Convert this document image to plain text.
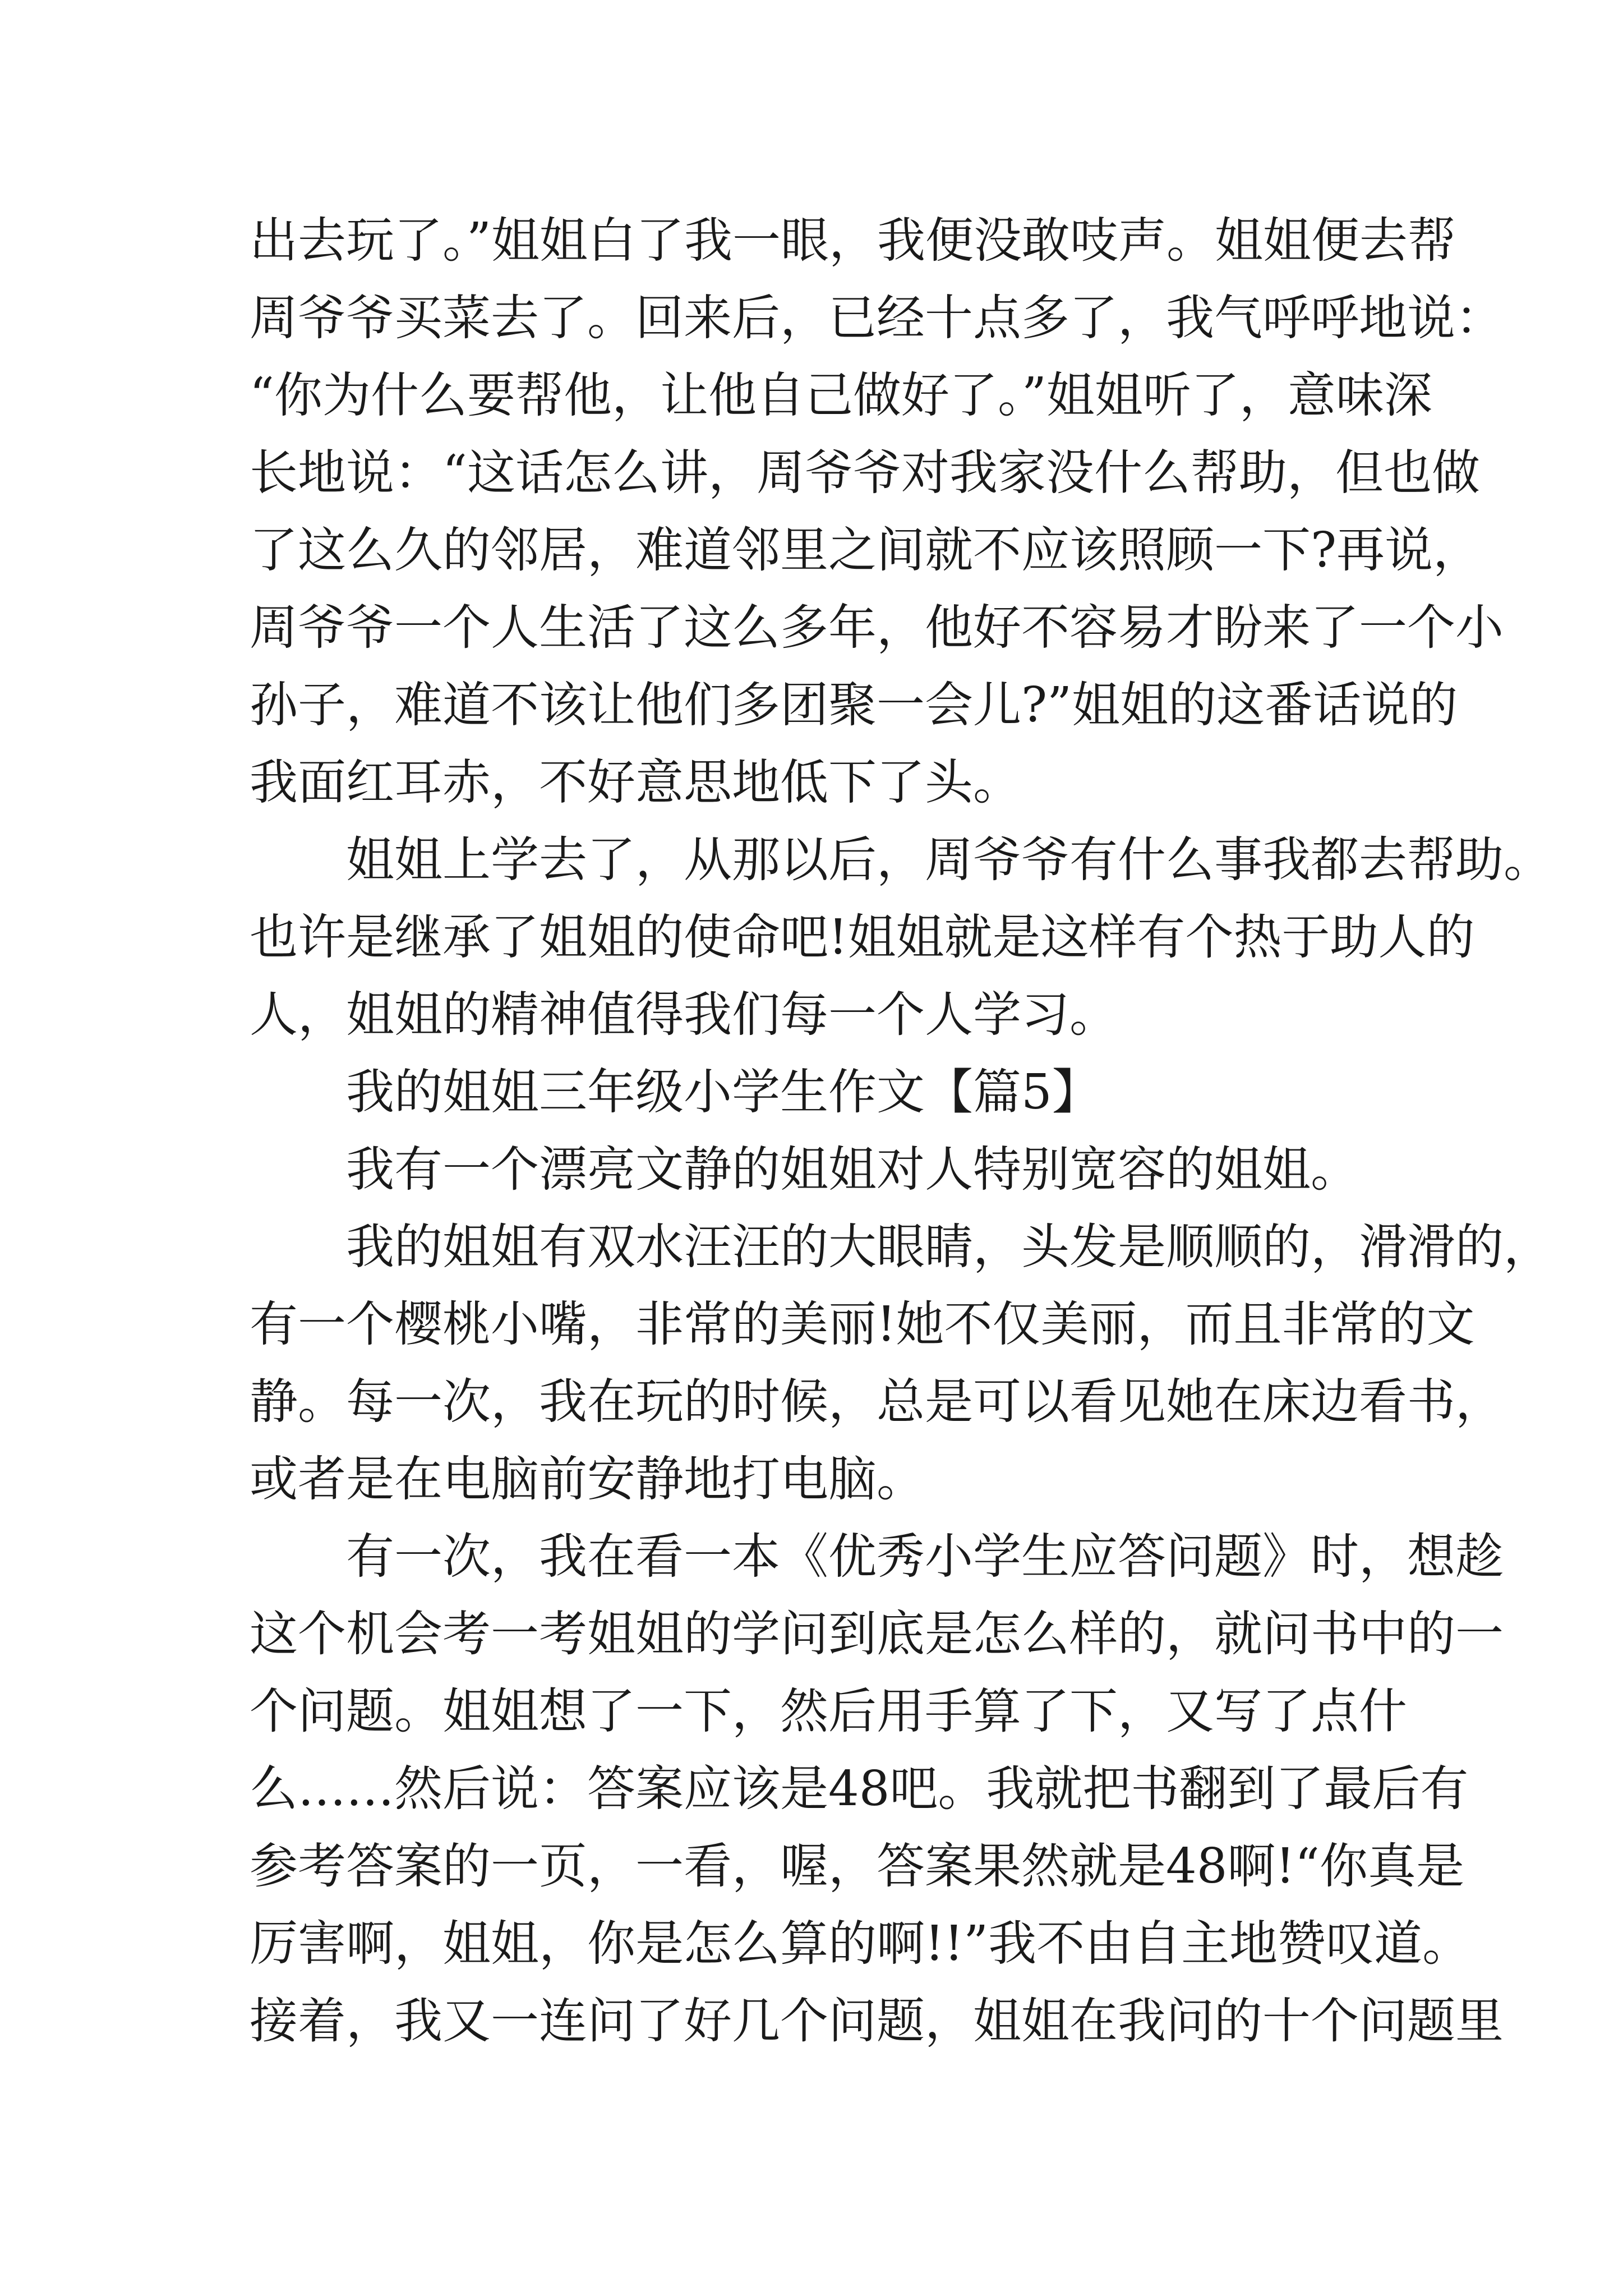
出去玩了。”姐姐白了我一眼，我便没敢吱声。姐姐便去帮
周爷爷买菜去了。回来后，已经十点多了，我气呼呼地说：
“你为什么要帮他，让他自己做好了。”姐姐听了，意味深
长地说：“这话怎么讲，周爷爷对我家没什么帮助，但也做
了这么久的邻居，难道邻里之间就不应该照顾一下?再说，
周爷爷一个人生活了这么多年，他好不容易才盼来了一个小
孙子，难道不该让他们多团聚一会儿?”姐姐的这番话说的
我面红耳赤，不好意思地低下了头。
　　姐姐上学去了，从那以后，周爷爷有什么事我都去帮助。
也许是继承了姐姐的使命吧!姐姐就是这样有个热于助人的
人，姐姐的精神值得我们每一个人学习。
　　我的姐姐三年级小学生作文【篇5】
　　我有一个漂亮文静的姐姐对人特别宽容的姐姐。
　　我的姐姐有双水汪汪的大眼睛，头发是顺顺的，滑滑的，
有一个樱桃小嘴，非常的美丽!她不仅美丽，而且非常的文
静。每一次，我在玩的时候，总是可以看见她在床边看书，
或者是在电脑前安静地打电脑。
　　有一次，我在看一本《优秀小学生应答问题》时，想趁
这个机会考一考姐姐的学问到底是怎么样的，就问书中的一
个问题。姐姐想了一下，然后用手算了下，又写了点什
么……然后说：答案应该是48吧。我就把书翻到了最后有
参考答案的一页，一看，喔，答案果然就是48啊!“你真是
厉害啊，姐姐，你是怎么算的啊!!”我不由自主地赞叹道。
接着，我又一连问了好几个问题，姐姐在我问的十个问题里
